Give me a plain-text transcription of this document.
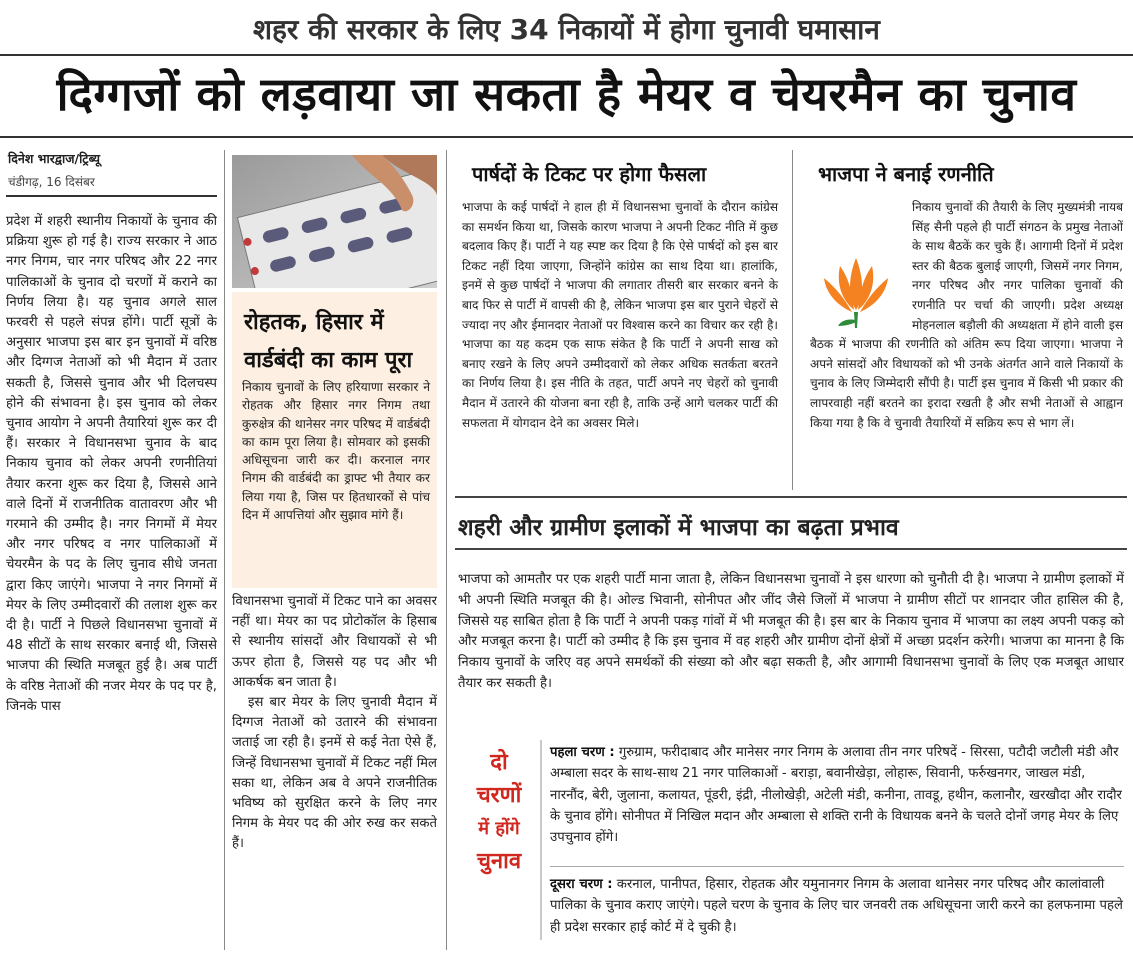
शहर की सरकार के लिए 34 निकायों में होगा चुनावी घमासान
दिग्गजों को लड़वाया जा सकता है मेयर व चेयरमैन का चुनाव
दिनेश भारद्वाज/ट्रिब्यू
चंडीगढ़, 16 दिसंबर
प्रदेश में शहरी स्थानीय निकायों के चुनाव की प्रक्रिया शुरू हो गई है। राज्य सरकार ने आठ नगर निगम, चार नगर परिषद और 22 नगर पालिकाओं के चुनाव दो चरणों में कराने का निर्णय लिया है। यह चुनाव अगले साल फरवरी से पहले संपन्न होंगे। पार्टी सूत्रों के अनुसार भाजपा इस बार इन चुनावों में वरिष्ठ और दिग्गज नेताओं को भी मैदान में उतार सकती है, जिससे चुनाव और भी दिलचस्प होने की संभावना है। इस चुनाव को लेकर चुनाव आयोग ने अपनी तैयारियां शुरू कर दी हैं। सरकार ने विधानसभा चुनाव के बाद निकाय चुनाव को लेकर अपनी रणनीतियां तैयार करना शुरू कर दिया है, जिससे आने वाले दिनों में राजनीतिक वातावरण और भी गरमाने की उम्मीद है। नगर निगमों में मेयर और नगर परिषद व नगर पालिकाओं में चेयरमैन के पद के लिए चुनाव सीधे जनता द्वारा किए जाएंगे। भाजपा ने नगर निगमों में मेयर के लिए उम्मीदवारों की तलाश शुरू कर दी है। पार्टी ने पिछले विधानसभा चुनावों में 48 सीटों के साथ सरकार बनाई थी, जिससे भाजपा की स्थिति मजबूत हुई है। अब पार्टी के वरिष्ठ नेताओं की नजर मेयर के पद पर है, जिनके पास
रोहतक, हिसार में
वार्डबंदी का काम पूरा
निकाय चुनावों के लिए हरियाणा सरकार ने रोहतक और हिसार नगर निगम तथा कुरुक्षेत्र की थानेसर नगर परिषद में वार्डबंदी का काम पूरा लिया है। सोमवार को इसकी अधिसूचना जारी कर दी। करनाल नगर निगम की वार्डबंदी का ड्राफ्ट भी तैयार कर लिया गया है, जिस पर हितधारकों से पांच दिन में आपत्तियां और सुझाव मांगे हैं।
विधानसभा चुनावों में टिकट पाने का अवसर नहीं था। मेयर का पद प्रोटोकॉल के हिसाब से स्थानीय सांसदों और विधायकों से भी ऊपर होता है, जिससे यह पद और भी आकर्षक बन जाता है।
इस बार मेयर के लिए चुनावी मैदान में दिग्गज नेताओं को उतारने की संभावना जताई जा रही है। इनमें से कई नेता ऐसे हैं, जिन्हें विधानसभा चुनावों में टिकट नहीं मिल सका था, लेकिन अब वे अपने राजनीतिक भविष्य को सुरक्षित करने के लिए नगर निगम के मेयर पद की ओर रुख कर सकते हैं।
पार्षदों के टिकट पर होगा फैसला
भाजपा के कई पार्षदों ने हाल ही में विधानसभा चुनावों के दौरान कांग्रेस का समर्थन किया था, जिसके कारण भाजपा ने अपनी टिकट नीति में कुछ बदलाव किए हैं। पार्टी ने यह स्पष्ट कर दिया है कि ऐसे पार्षदों को इस बार टिकट नहीं दिया जाएगा, जिन्होंने कांग्रेस का साथ दिया था। हालांकि, इनमें से कुछ पार्षदों ने भाजपा की लगातार तीसरी बार सरकार बनने के बाद फिर से पार्टी में वापसी की है, लेकिन भाजपा इस बार पुराने चेहरों से ज्यादा नए और ईमानदार नेताओं पर विश्वास करने का विचार कर रही है। भाजपा का यह कदम एक साफ संकेत है कि पार्टी ने अपनी साख को बनाए रखने के लिए अपने उम्मीदवारों को लेकर अधिक सतर्कता बरतने का निर्णय लिया है। इस नीति के तहत, पार्टी अपने नए चेहरों को चुनावी मैदान में उतारने की योजना बना रही है, ताकि उन्हें आगे चलकर पार्टी की सफलता में योगदान देने का अवसर मिले।
भाजपा ने बनाई रणनीति
निकाय चुनावों की तैयारी के लिए मुख्यमंत्री नायब सिंह सैनी पहले ही पार्टी संगठन के प्रमुख नेताओं के साथ बैठकें कर चुके हैं। आगामी दिनों में प्रदेश स्तर की बैठक बुलाई जाएगी, जिसमें नगर निगम, नगर परिषद और नगर पालिका चुनावों की रणनीति पर चर्चा की जाएगी। प्रदेश अध्यक्ष मोहनलाल बड़ौली की अध्यक्षता में होने वाली इस बैठक में भाजपा की रणनीति को अंतिम रूप दिया जाएगा। भाजपा ने अपने सांसदों और विधायकों को भी उनके अंतर्गत आने वाले निकायों के चुनाव के लिए जिम्मेदारी सौंपी है। पार्टी इस चुनाव में किसी भी प्रकार की लापरवाही नहीं बरतने का इरादा रखती है और सभी नेताओं से आह्वान किया गया है कि वे चुनावी तैयारियों में सक्रिय रूप से भाग लें।
शहरी और ग्रामीण इलाकों में भाजपा का बढ़ता प्रभाव
भाजपा को आमतौर पर एक शहरी पार्टी माना जाता है, लेकिन विधानसभा चुनावों ने इस धारणा को चुनौती दी है। भाजपा ने ग्रामीण इलाकों में भी अपनी स्थिति मजबूत की है। ओल्ड भिवानी, सोनीपत और जींद जैसे जिलों में भाजपा ने ग्रामीण सीटों पर शानदार जीत हासिल की है, जिससे यह साबित होता है कि पार्टी ने अपनी पकड़ गांवों में भी मजबूत की है। इस बार के निकाय चुनाव में भाजपा का लक्ष्य अपनी पकड़ को और मजबूत करना है। पार्टी को उम्मीद है कि इस चुनाव में वह शहरी और ग्रामीण दोनों क्षेत्रों में अच्छा प्रदर्शन करेगी। भाजपा का मानना है कि निकाय चुनावों के जरिए वह अपने समर्थकों की संख्या को और बढ़ा सकती है, और आगामी विधानसभा चुनावों के लिए एक मजबूत आधार तैयार कर सकती है।
दो
चरणों
में होंगे
चुनाव
पहला चरण : गुरुग्राम, फरीदाबाद और मानेसर नगर निगम के अलावा तीन नगर परिषदें - सिरसा, पटौदी जटौली मंडी और अम्बाला सदर के साथ-साथ 21 नगर पालिकाओं - बराड़ा, बवानीखेड़ा, लोहारू, सिवानी, फर्रुखनगर, जाखल मंडी, नारनौंद, बेरी, जुलाना, कलायत, पूंडरी, इंद्री, नीलोखेड़ी, अटेली मंडी, कनीना, तावडू, हथीन, कलानौर, खरखौदा और रादौर के चुनाव होंगे। सोनीपत में निखिल मदान और अम्बाला से शक्ति रानी के विधायक बनने के चलते दोनों जगह मेयर के लिए उपचुनाव होंगे।
दूसरा चरण : करनाल, पानीपत, हिसार, रोहतक और यमुनानगर निगम के अलावा थानेसर नगर परिषद और कालांवाली पालिका के चुनाव कराए जाएंगे। पहले चरण के चुनाव के लिए चार जनवरी तक अधिसूचना जारी करने का हलफनामा पहले ही प्रदेश सरकार हाई कोर्ट में दे चुकी है।
